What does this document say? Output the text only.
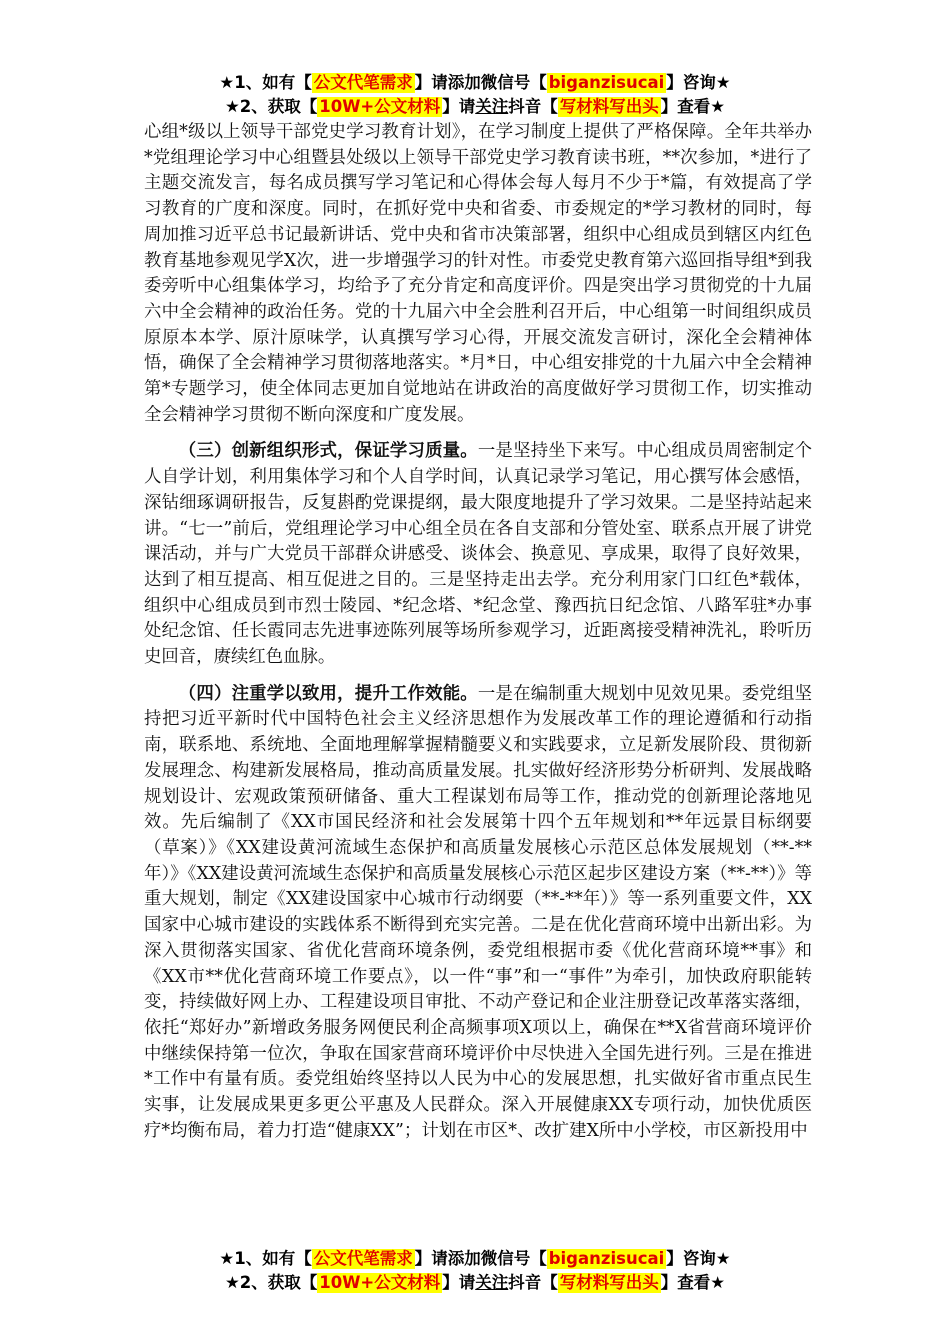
★1、如有【 公文代笔需求 】请添加微信号【 biganzisucai 】咨询★
★2、获取【 10W+公文材料 】请关注抖音【 写材料写出头 】查看★

心组*级以上领导干部党史学习教育计划》，在学习制度上提供了严格保障。全年共举办*党组理论学习中心组暨县处级以上领导干部党史学习教育读书班，**次参加，*进行了主题交流发言，每名成员撰写学习笔记和心得体会每人每月不少于*篇，有效提高了学习教育的广度和深度。同时，在抓好党中央和省委、市委规定的*学习教材的同时，每周加推习近平总书记最新讲话、党中央和省市决策部署，组织中心组成员到辖区内红色教育基地参观见学X次，进一步增强学习的针对性。市委党史教育第六巡回指导组*到我委旁听中心组集体学习，均给予了充分肯定和高度评价。四是突出学习贯彻党的十九届六中全会精神的政治任务。党的十九届六中全会胜利召开后，中心组第一时间组织成员原原本本学、原汁原味学，认真撰写学习心得，开展交流发言研讨，深化全会精神体悟，确保了全会精神学习贯彻落地落实。*月*日，中心组安排党的十九届六中全会精神第*专题学习，使全体同志更加自觉地站在讲政治的高度做好学习贯彻工作，切实推动全会精神学习贯彻不断向深度和广度发展。

（三）创新组织形式，保证学习质量。一是坚持坐下来写。中心组成员周密制定个人自学计划，利用集体学习和个人自学时间，认真记录学习笔记，用心撰写体会感悟，深钻细琢调研报告，反复斟酌党课提纲，最大限度地提升了学习效果。二是坚持站起来讲。“七一”前后，党组理论学习中心组全员在各自支部和分管处室、联系点开展了讲党课活动，并与广大党员干部群众讲感受、谈体会、换意见、享成果，取得了良好效果，达到了相互提高、相互促进之目的。三是坚持走出去学。充分利用家门口红色*载体，组织中心组成员到市烈士陵园、*纪念塔、*纪念堂、豫西抗日纪念馆、八路军驻*办事处纪念馆、任长霞同志先进事迹陈列展等场所参观学习，近距离接受精神洗礼，聆听历史回音，赓续红色血脉。

（四）注重学以致用，提升工作效能。一是在编制重大规划中见效见果。委党组坚持把习近平新时代中国特色社会主义经济思想作为发展改革工作的理论遵循和行动指南，联系地、系统地、全面地理解掌握精髓要义和实践要求，立足新发展阶段、贯彻新发展理念、构建新发展格局，推动高质量发展。扎实做好经济形势分析研判、发展战略规划设计、宏观政策预研储备、重大工程谋划布局等工作，推动党的创新理论落地见效。先后编制了《XX市国民经济和社会发展第十四个五年规划和**年远景目标纲要（草案）》《XX建设黄河流域生态保护和高质量发展核心示范区总体发展规划（**-**年）》《XX建设黄河流域生态保护和高质量发展核心示范区起步区建设方案（**-**）》等重大规划，制定《XX建设国家中心城市行动纲要（**-**年）》等一系列重要文件，XX国家中心城市建设的实践体系不断得到充实完善。二是在优化营商环境中出新出彩。为深入贯彻落实国家、省优化营商环境条例，委党组根据市委《优化营商环境**事》和《XX市**优化营商环境工作要点》，以一件“事”和一“事件”为牵引，加快政府职能转变，持续做好网上办、工程建设项目审批、不动产登记和企业注册登记改革落实落细，依托“郑好办”新增政务服务网便民利企高频事项X项以上，确保在**X省营商环境评价中继续保持第一位次，争取在国家营商环境评价中尽快进入全国先进行列。三是在推进*工作中有量有质。委党组始终坚持以人民为中心的发展思想，扎实做好省市重点民生实事，让发展成果更多更公平惠及人民群众。深入开展健康XX专项行动，加快优质医疗*均衡布局，着力打造“健康XX”；计划在市区*、改扩建X所中小学校，市区新投用中

★1、如有【 公文代笔需求 】请添加微信号【 biganzisucai 】咨询★
★2、获取【 10W+公文材料 】请关注抖音【 写材料写出头 】查看★
